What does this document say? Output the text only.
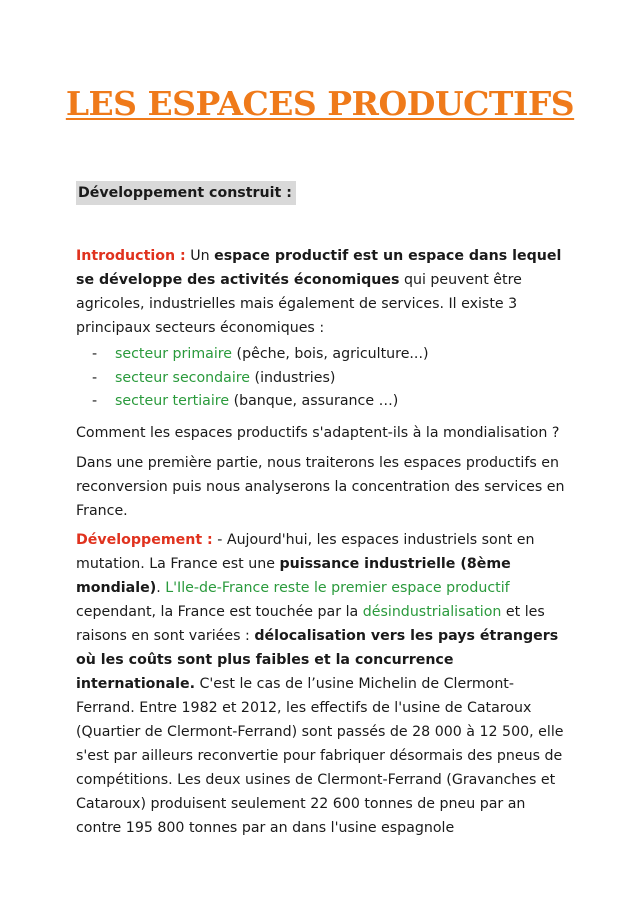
LES ESPACES PRODUCTIFS

Développement construit :

Introduction : Un espace productif est un espace dans lequel se développe des activités économiques qui peuvent être agricoles, industrielles mais également de services. Il existe 3 principaux secteurs économiques :

- secteur primaire (pêche, bois, agriculture...)
- secteur secondaire (industries)
- secteur tertiaire (banque, assurance …)

Comment les espaces productifs s'adaptent-ils à la mondialisation ?

Dans une première partie, nous traiterons les espaces productifs en reconversion puis nous analyserons la concentration des services en France.

Développement : - Aujourd'hui, les espaces industriels sont en mutation. La France est une puissance industrielle (8ème mondiale). L'Ile-de-France reste le premier espace productif cependant, la France est touchée par la désindustrialisation et les raisons en sont variées : délocalisation vers les pays étrangers où les coûts sont plus faibles et la concurrence internationale. C'est le cas de l’usine Michelin de Clermont-Ferrand. Entre 1982 et 2012, les effectifs de l'usine de Cataroux (Quartier de Clermont-Ferrand) sont passés de 28 000 à 12 500, elle s'est par ailleurs reconvertie pour fabriquer désormais des pneus de compétitions. Les deux usines de Clermont-Ferrand (Gravanches et Cataroux) produisent seulement 22 600 tonnes de pneu par an contre 195 800 tonnes par an dans l'usine espagnole
